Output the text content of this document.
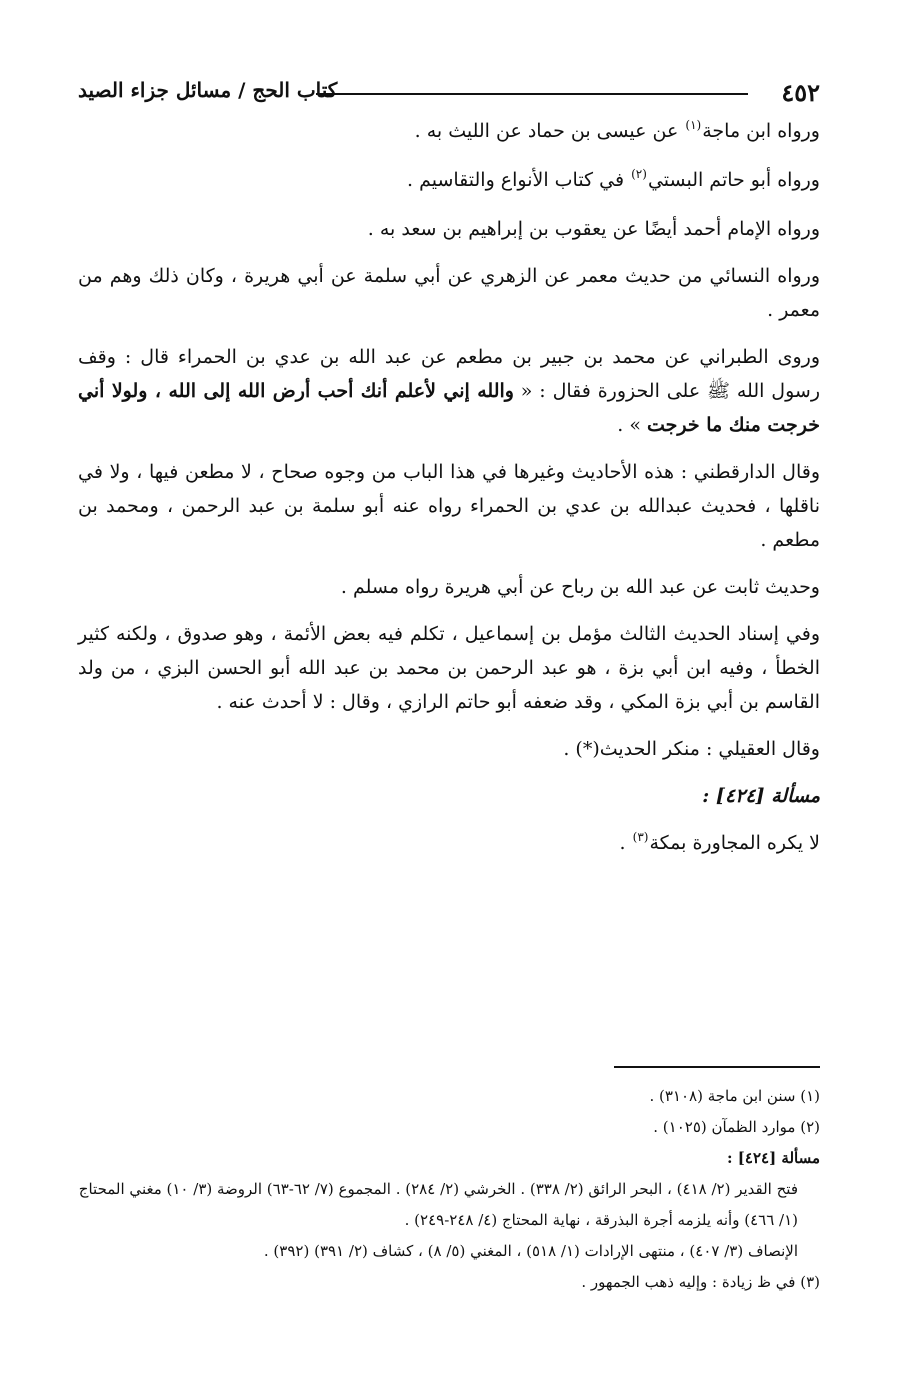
٤٥٢
كتاب الحج / مسائل جزاء الصيد

ورواه ابن ماجة$^{(١)}$ عن عيسى بن حماد عن الليث به .

ورواه أبو حاتم البستي$^{(٢)}$ في كتاب الأنواع والتقاسيم .

ورواه الإمام أحمد أيضًا عن يعقوب بن إبراهيم بن سعد به .

ورواه النسائي من حديث معمر عن الزهري عن أبي سلمة عن أبي هريرة ، وكان ذلك وهم من معمر .

وروى الطبراني عن محمد بن جبير بن مطعم عن عبد الله بن عدي بن الحمراء قال : وقف رسول الله ﷺ على الحزورة فقال : « والله إني لأعلم أنك أحب أرض الله إلى الله ، ولولا أني خرجت منك ما خرجت » .

وقال الدارقطني : هذه الأحاديث وغيرها في هذا الباب من وجوه صحاح ، لا مطعن فيها ، ولا في ناقلها ، فحديث عبدالله بن عدي بن الحمراء رواه عنه أبو سلمة بن عبد الرحمن ، ومحمد بن مطعم .

وحديث ثابت عن عبد الله بن رباح عن أبي هريرة رواه مسلم .

وفي إسناد الحديث الثالث مؤمل بن إسماعيل ، تكلم فيه بعض الأئمة ، وهو صدوق ، ولكنه كثير الخطأ ، وفيه ابن أبي بزة ، هو عبد الرحمن بن محمد بن عبد الله أبو الحسن البزي ، من ولد القاسم بن أبي بزة المكي ، وقد ضعفه أبو حاتم الرازي ، وقال : لا أحدث عنه .

وقال العقيلي : منكر الحديث(*) .

مسألة [٤٢٤] :

لا يكره المجاورة بمكة$^{(٣)}$ .

(١) سنن ابن ماجة (٣١٠٨) .

(٢) موارد الظمآن (١٠٢٥) .

مسألة [٤٢٤] :

فتح القدير (٢/ ٤١٨) ، البحر الرائق (٢/ ٣٣٨) . الخرشي (٢/ ٢٨٤) . المجموع (٧/ ٦٢-٦٣) الروضة (٣/ ١٠) مغني المحتاج (١/ ٤٦٦) وأنه يلزمه أجرة البذرقة ، نهاية المحتاج (٤/ ٢٤٨-٢٤٩) .

الإنصاف (٣/ ٤٠٧) ، منتهى الإرادات (١/ ٥١٨) ، المغني (٥/ ٨) ، كشاف (٢/ ٣٩١) (٣٩٢) .

(٣) في ظ زيادة : وإليه ذهب الجمهور .
